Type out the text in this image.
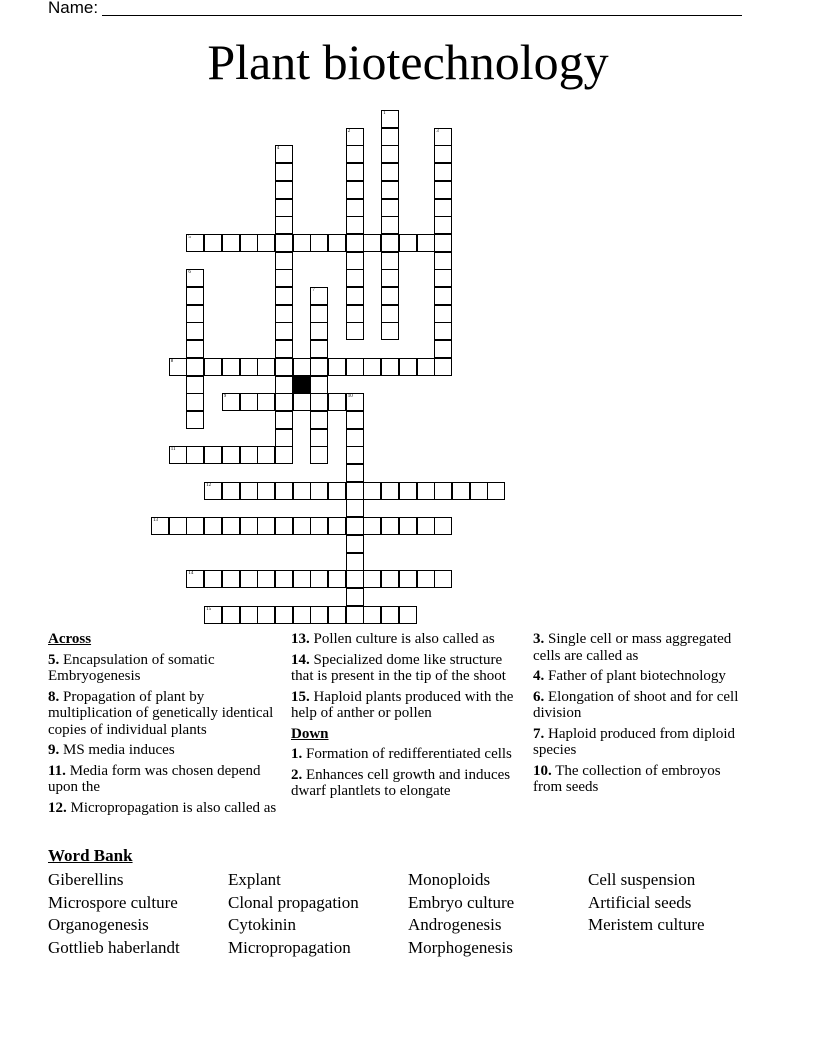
Name:
Plant biotechnology
1
2	3
4
5
6
7
8
9	10
11
12
13
14
15
Across
5. Encapsulation of somatic Embryogenesis
8. Propagation of plant by multiplication of genetically identical copies of individual plants
9. MS media induces
11. Media form was chosen depend upon the
12. Micropropagation is also called as
13. Pollen culture is also called as
14. Specialized dome like structure that is present in the tip of the shoot
15. Haploid plants produced with the help of anther or pollen
Down
1. Formation of redifferentiated cells
2. Enhances cell growth and induces dwarf plantlets to elongate
3. Single cell or mass aggregated cells are called as
4. Father of plant biotechnology
6. Elongation of shoot and for cell division
7. Haploid produced from diploid species
10. The collection of embroyos from seeds
Word Bank
Giberellins
Microspore culture
Organogenesis
Gottlieb haberlandt
Explant
Clonal propagation
Cytokinin
Micropropagation
Monoploids
Embryo culture
Androgenesis
Morphogenesis
Cell suspension
Artificial seeds
Meristem culture
